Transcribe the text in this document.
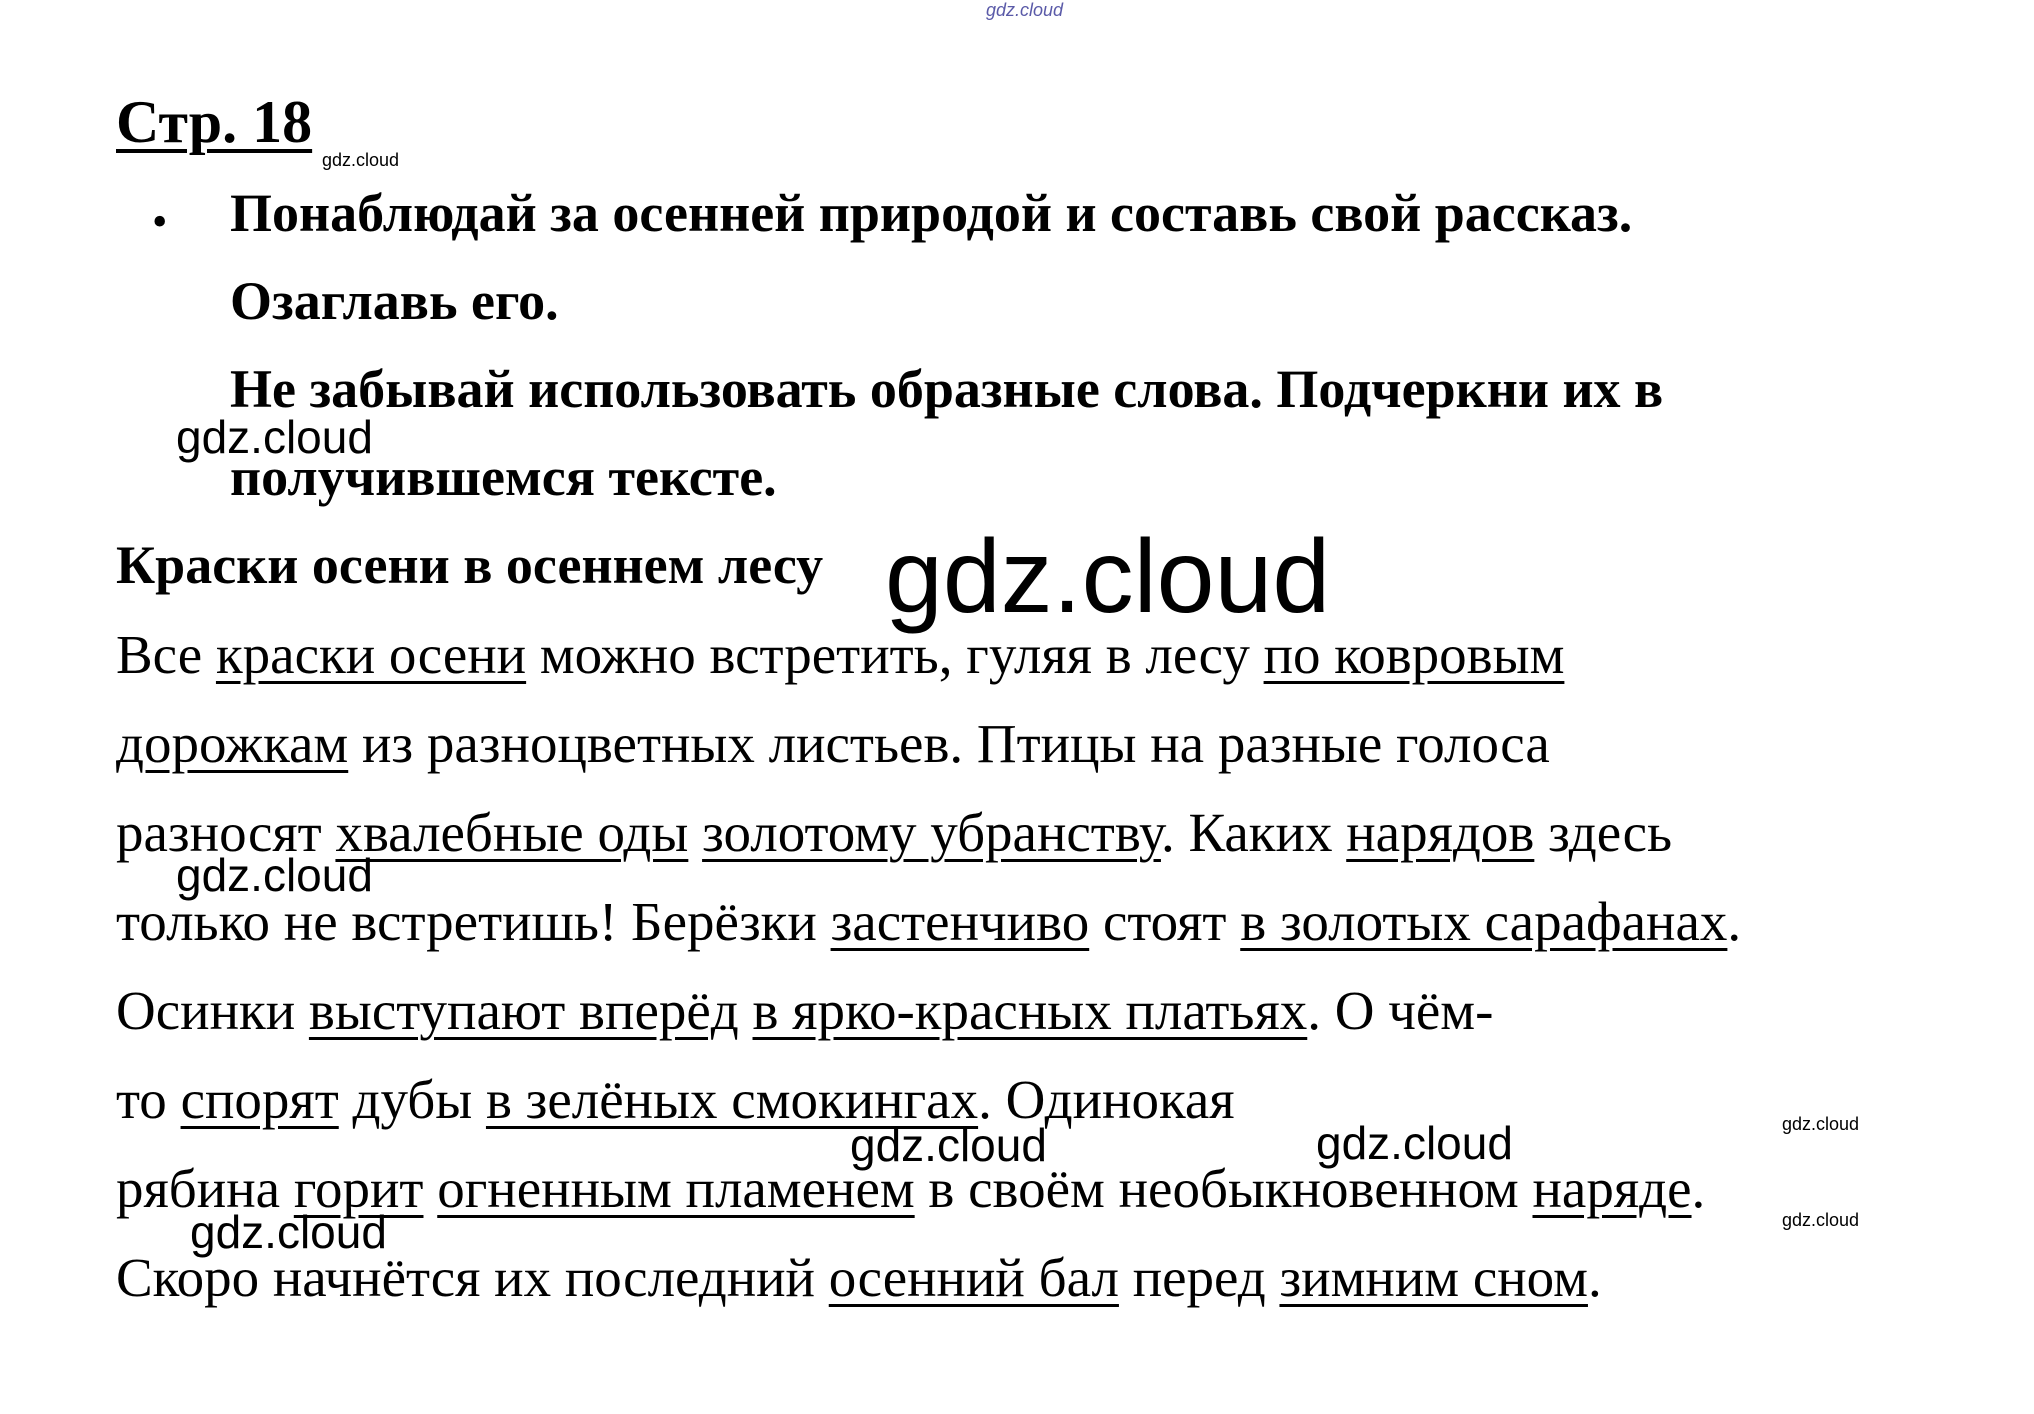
gdz.cloud
gdz.cloud
gdz.cloud
gdz.cloud
gdz.cloud
gdz.cloud	gdz.cloud	gdz.cloud
gdz.cloud
gdz.cloud
Стр. 18
• Понаблюдай за осенней природой и составь свой рассказ.
Озаглавь его.
Не забывай использовать образные слова. Подчеркни их в
получившемся тексте.
Краски осени в осеннем лесу
Все краски осени можно встретить, гуляя в лесу по ковровым
дорожкам из разноцветных листьев. Птицы на разные голоса
разносят хвалебные оды золотому убранству. Каких нарядов здесь
только не встретишь! Берёзки застенчиво стоят в золотых сарафанах.
Осинки выступают вперёд в ярко-красных платьях. О чём-
то спорят дубы в зелёных смокингах. Одинокая
рябина горит огненным пламенем в своём необыкновенном наряде.
Скоро начнётся их последний осенний бал перед зимним сном.
